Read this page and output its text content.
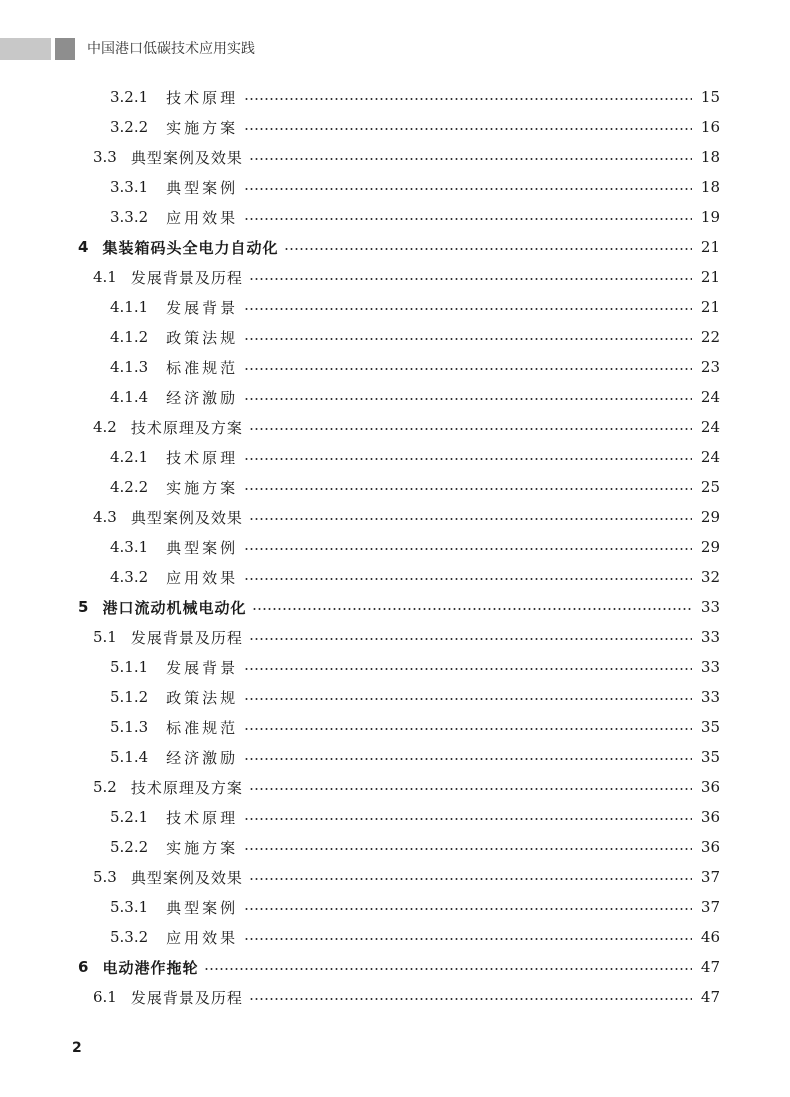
中国港口低碳技术应用实践
3.2.1	技术原理	15
3.2.2	实施方案	16
3.3 典型案例及效果	18
3.3.1	典型案例	18
3.3.2	应用效果	19
4 集装箱码头全电力自动化	21
4.1 发展背景及历程	21
4.1.1	发展背景	21
4.1.2	政策法规	22
4.1.3	标准规范	23
4.1.4	经济激励	24
4.2 技术原理及方案	24
4.2.1	技术原理	24
4.2.2	实施方案	25
4.3 典型案例及效果	29
4.3.1	典型案例	29
4.3.2	应用效果	32
5 港口流动机械电动化	33
5.1 发展背景及历程	33
5.1.1	发展背景	33
5.1.2	政策法规	33
5.1.3	标准规范	35
5.1.4	经济激励	35
5.2 技术原理及方案	36
5.2.1	技术原理	36
5.2.2	实施方案	36
5.3 典型案例及效果	37
5.3.1	典型案例	37
5.3.2	应用效果	46
6 电动港作拖轮	47
6.1 发展背景及历程	47
2
